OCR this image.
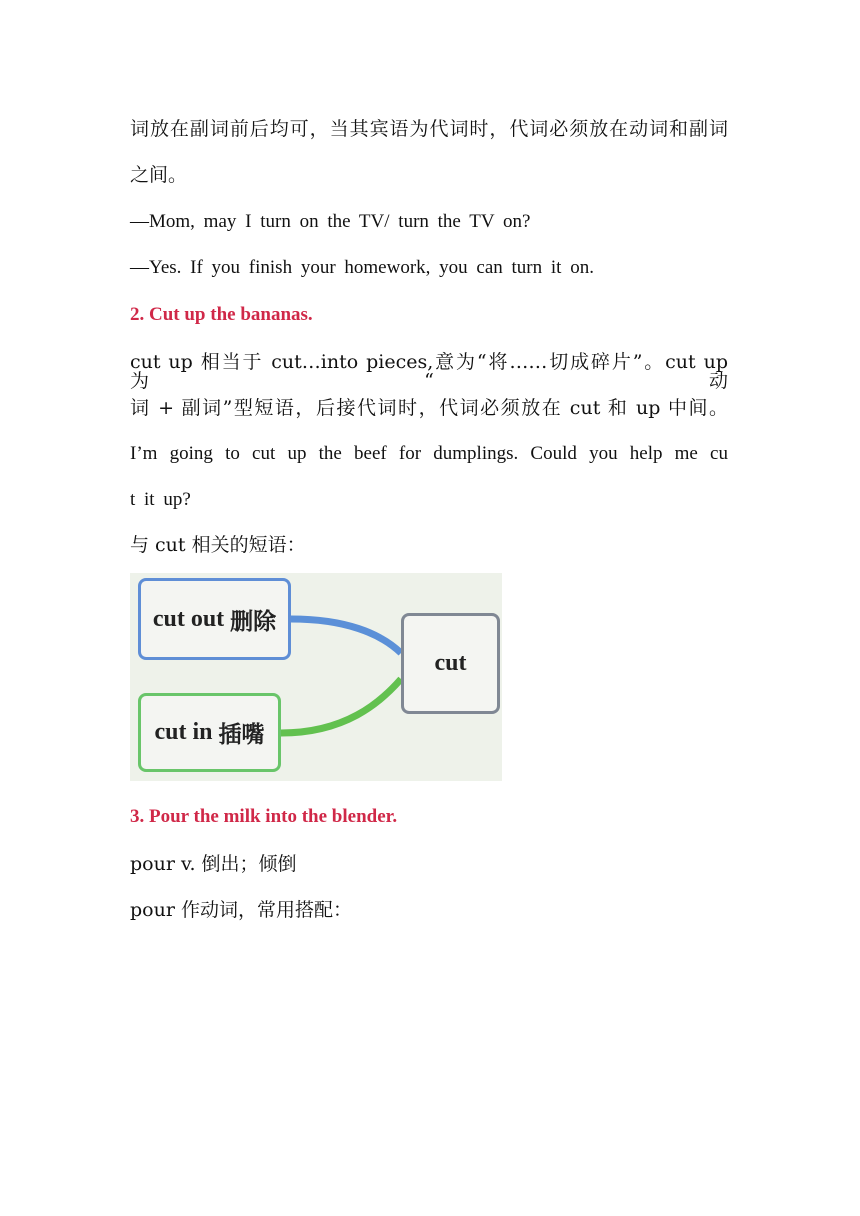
词放在副词前后均可，当其宾语为代词时，代词必须放在动词和副词
之间。
—Mom, may I turn on the TV/ turn the TV on?
—Yes. If you finish your homework, you can turn it on.
2. Cut up the bananas.
cut up 相当于 cut…into pieces,意为“将……切成碎片”。cut up 为“动
词 + 副词”型短语，后接代词时，代词必须放在 cut 和 up 中间。
I’m going to cut up the beef for dumplings. Could you help me cu
t it up?
与 cut 相关的短语：
cut out 删除
cut in 插嘴
cut
3. Pour the milk into the blender.
pour v. 倒出；倾倒
pour 作动词，常用搭配：
